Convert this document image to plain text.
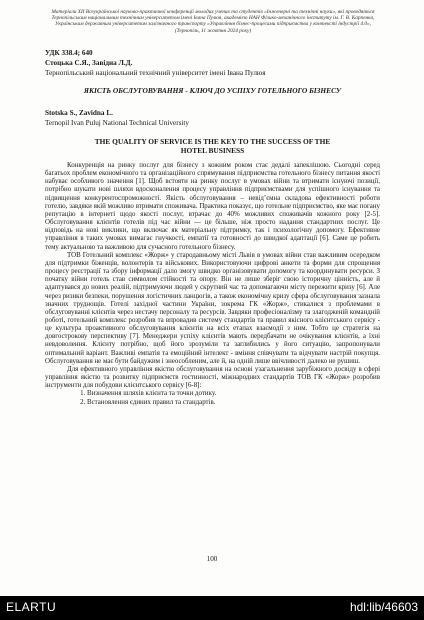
Матеріали XII Всеукраїнської науково-практичної конференції молодих учених та студентів «Інженерні та технічні науки», які проводяться Тернопільським національним технічним університетом імені Івана Пулюя, академією НАН Фізико-механічного інституту ім. Г. В. Карпенка, Українським державним університетом залізничного транспорту «Управління бізнес-процесами підприємства у контексті індустрії 4.0», (Тернопіль, 11 жовтня 2024 року)
УДК 338.4; 640
Стоцька С.Я., Завідна Л.Д.
Тернопільський національний технічний університет імені Івана Пулюя
ЯКІСТЬ ОБСЛУГОВУВАННЯ - КЛЮЧ ДО УСПІХУ ГОТЕЛЬНОГО БІЗНЕСУ
Stotska S., Zavidna L.
Ternopil Ivan Puluj National Technical University
THE QUALITY OF SERVICE IS THE KEY TO THE SUCCESS OF THE
HOTEL BUSINESS

Конкуренція на ринку послуг для бізнесу з кожним роком стає дедалі запеклішою. Сьогодні серед багатьох проблем економічного та організаційного спрямування підприємства готельного бізнесу питання якості набуває особливого значення [1]. Щоб встояти на ринку послуг в умовах війни та втримати існуючі позиції, потрібно шукати нові шляхи вдосконалення процесу управління підприємствами для успішного існування та підвищення конкурентоспроможності. Якість обслуговування – невід’ємна складова ефективності роботи готелю, завдяки якій можливо втримати споживача. Практика показує, що готельне підприємство, яке має погану репутацію в інтернеті щодо якості послуг, втрачає до 40% можливих споживачів кожного року [2-5]. Обслуговування клієнтів готелів під час війни — це більше, ніж просто надання стандартних послуг. Це відповідь на нові виклики, що включає як матеріальну підтримку, так і психологічну допомогу. Ефективне управління в таких умовах вимагає гнучкості, емпатії та готовності до швидкої адаптації [6]. Саме це робить тему актуальною та важливою для сучасного готельного бізнесу.

ТОВ Готельний комплекс «Жорж» у стародавньому місті Львів в умовах війни став важливим осередком для підтримки біженців, волонтерів та військових. Використовуючи цифрові анкети та форми для спрощення процесу реєстрації та збору інформації дало змогу швидко організовувати допомогу та координувати ресурси. З початку війни готель став символом стійкості та опору. Він не лише зберіг свою історичну цінність, але й адаптувався до нових реалій, підтримуючи людей у скрутний час та допомагаючи місту пережити кризу [6]. Але через ризики безпеки, порушення логістичних ланцюгів, а також економічну кризу сфера обслуговування зазнала значних труднощів. Готелі західної частини України, зокрема ГК «Жорж», стикалися з проблемами в обслуговуванні клієнтів через нестачу персоналу та ресурсів. Завдяки професіоналізму та злагодженій командній роботі, готельний комплекс розробив та впровадив систему стандартів та правил якісного клієнтського сервісу - це культура проактивного обслуговування клієнтів на всіх етапах взаємодії з ним. Тобто це стратегія на довгострокову перспективу [7]. Менеджери успіху клієнтів мають передбачати не очікування клієнтів, а їхні невдоволення. Клієнту потрібно, щоб його зрозуміли та заглибились у його ситуацію, запропонували оптимальний варіант. Важливі емпатія та емоційний інтелект - вміння співчувати та відчувати настрій покупця. Обслуговування не має бути байдужим і знеособленим, але й, на одній лише ввічливості далеко не рушиш.

Для ефективного управління якістю обслуговування на основі узагальнення зарубіжного досвіду в сфері управління якістю та розвитку підприємств гостинності, міжнародних стандартів ТОВ ГК «Жорж» розробив інструменти для побудови клієнтського сервісу [6-8]:

1. Визначення шляхів клієнта та точки дотику.
2. Встановлення єдиних правил та стандартів.
100
ELARTU	hdl:lib/46603
